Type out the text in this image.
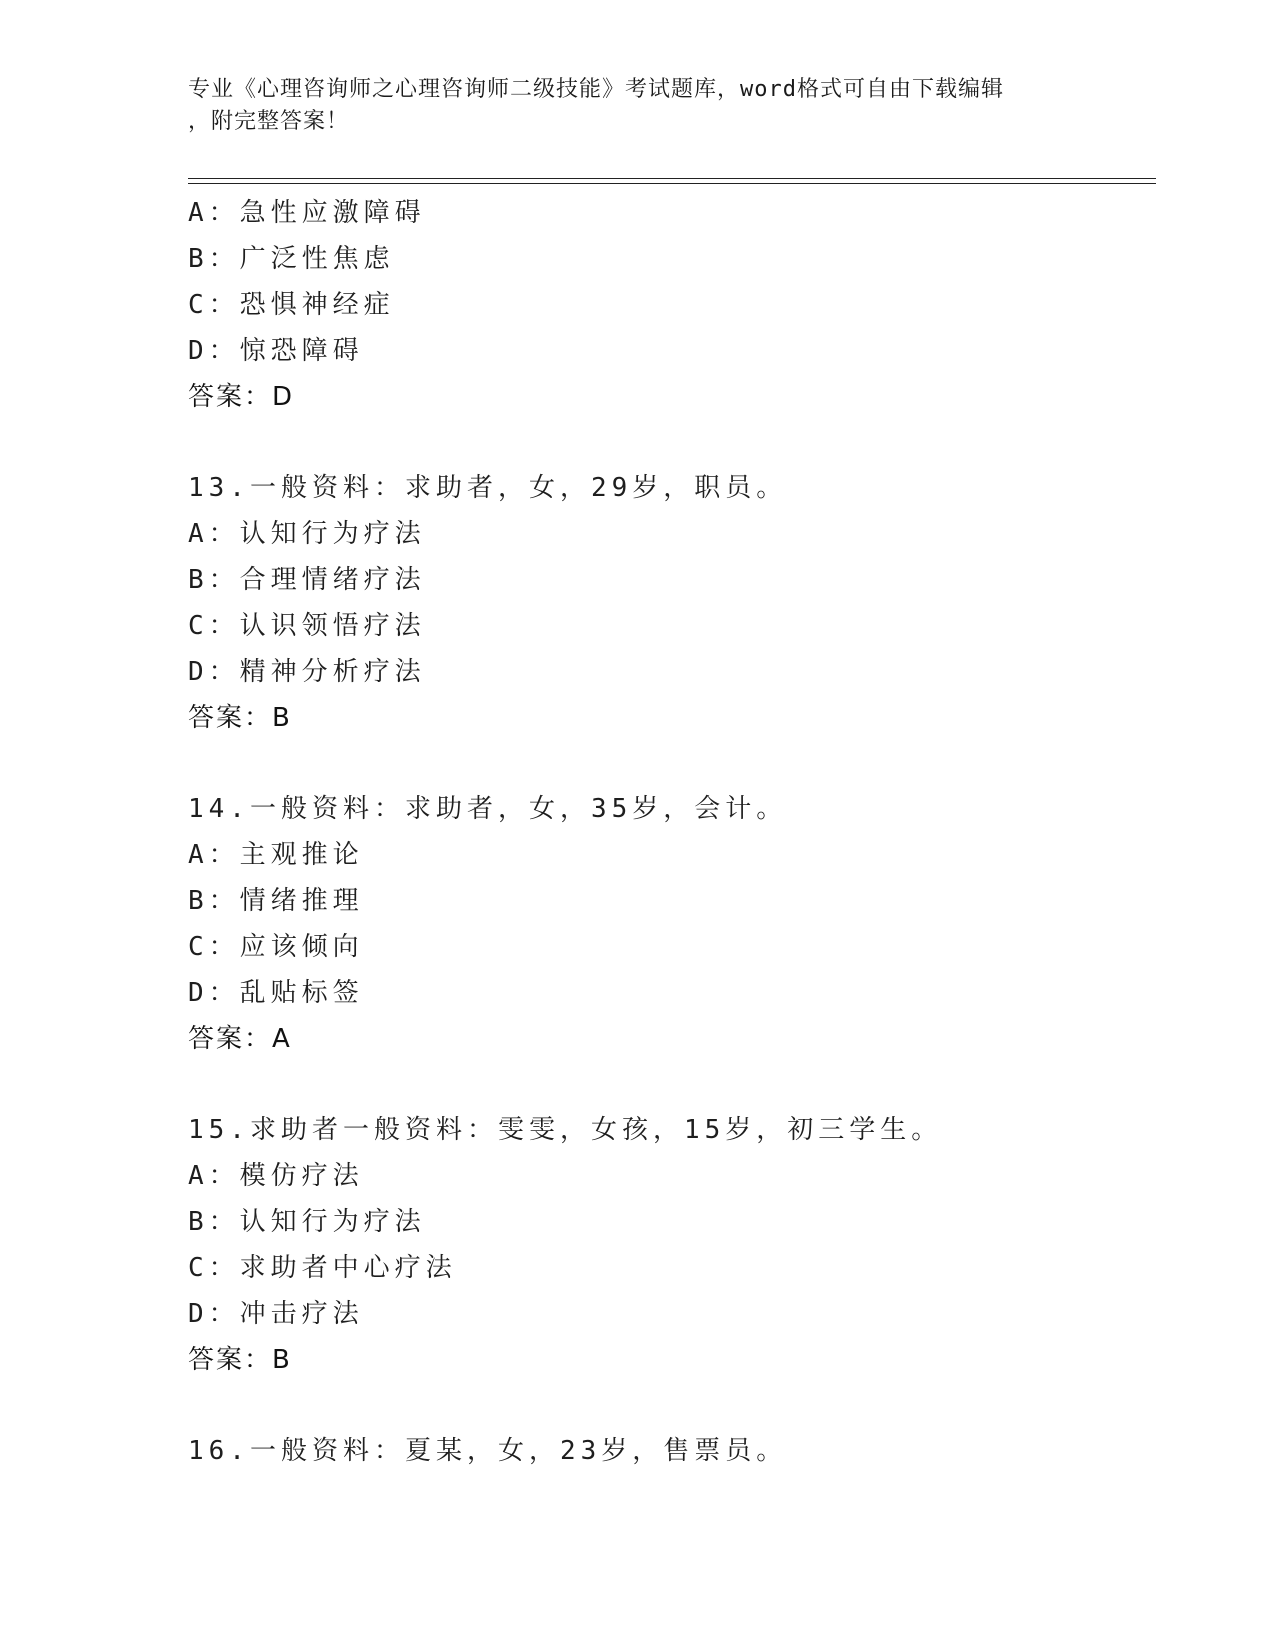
专业《心理咨询师之心理咨询师二级技能》考试题库，word格式可自由下载编辑
，附完整答案！
A：急性应激障碍
B：广泛性焦虑
C：恐惧神经症
D：惊恐障碍
答案：D
13.一般资料：求助者，女，29岁，职员。
A：认知行为疗法
B：合理情绪疗法
C：认识领悟疗法
D：精神分析疗法
答案：B
14.一般资料：求助者，女，35岁，会计。
A：主观推论
B：情绪推理
C：应该倾向
D：乱贴标签
答案：A
15.求助者一般资料：雯雯，女孩，15岁，初三学生。
A：模仿疗法
B：认知行为疗法
C：求助者中心疗法
D：冲击疗法
答案：B
16.一般资料：夏某，女，23岁，售票员。
